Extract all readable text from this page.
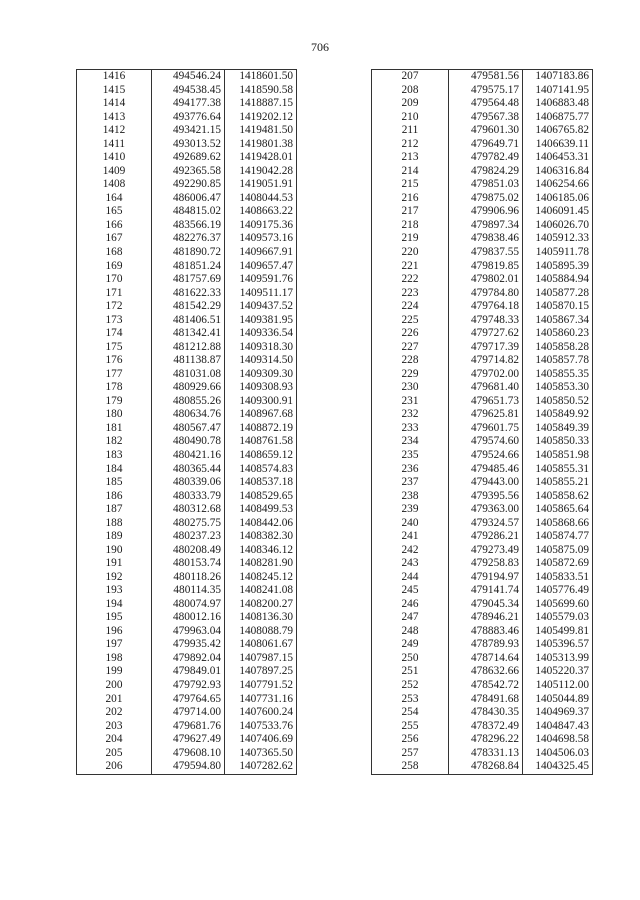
706
1416	494546.24	1418601.50
1415	494538.45	1418590.58
1414	494177.38	1418887.15
1413	493776.64	1419202.12
1412	493421.15	1419481.50
1411	493013.52	1419801.38
1410	492689.62	1419428.01
1409	492365.58	1419042.28
1408	492290.85	1419051.91
164	486006.47	1408044.53
165	484815.02	1408663.22
166	483566.19	1409175.36
167	482276.37	1409573.16
168	481890.72	1409667.91
169	481851.24	1409657.47
170	481757.69	1409591.76
171	481622.33	1409511.17
172	481542.29	1409437.52
173	481406.51	1409381.95
174	481342.41	1409336.54
175	481212.88	1409318.30
176	481138.87	1409314.50
177	481031.08	1409309.30
178	480929.66	1409308.93
179	480855.26	1409300.91
180	480634.76	1408967.68
181	480567.47	1408872.19
182	480490.78	1408761.58
183	480421.16	1408659.12
184	480365.44	1408574.83
185	480339.06	1408537.18
186	480333.79	1408529.65
187	480312.68	1408499.53
188	480275.75	1408442.06
189	480237.23	1408382.30
190	480208.49	1408346.12
191	480153.74	1408281.90
192	480118.26	1408245.12
193	480114.35	1408241.08
194	480074.97	1408200.27
195	480012.16	1408136.30
196	479963.04	1408088.79
197	479935.42	1408061.67
198	479892.04	1407987.15
199	479849.01	1407897.25
200	479792.93	1407791.52
201	479764.65	1407731.16
202	479714.00	1407600.24
203	479681.76	1407533.76
204	479627.49	1407406.69
205	479608.10	1407365.50
206	479594.80	1407282.62
207	479581.56	1407183.86
208	479575.17	1407141.95
209	479564.48	1406883.48
210	479567.38	1406875.77
211	479601.30	1406765.82
212	479649.71	1406639.11
213	479782.49	1406453.31
214	479824.29	1406316.84
215	479851.03	1406254.66
216	479875.02	1406185.06
217	479906.96	1406091.45
218	479897.34	1406026.70
219	479838.46	1405912.33
220	479837.55	1405911.78
221	479819.85	1405895.39
222	479802.01	1405884.94
223	479784.80	1405877.28
224	479764.18	1405870.15
225	479748.33	1405867.34
226	479727.62	1405860.23
227	479717.39	1405858.28
228	479714.82	1405857.78
229	479702.00	1405855.35
230	479681.40	1405853.30
231	479651.73	1405850.52
232	479625.81	1405849.92
233	479601.75	1405849.39
234	479574.60	1405850.33
235	479524.66	1405851.98
236	479485.46	1405855.31
237	479443.00	1405855.21
238	479395.56	1405858.62
239	479363.00	1405865.64
240	479324.57	1405868.66
241	479286.21	1405874.77
242	479273.49	1405875.09
243	479258.83	1405872.69
244	479194.97	1405833.51
245	479141.74	1405776.49
246	479045.34	1405699.60
247	478946.21	1405579.03
248	478883.46	1405499.81
249	478789.93	1405396.57
250	478714.64	1405313.99
251	478632.66	1405220.37
252	478542.72	1405112.00
253	478491.68	1405044.89
254	478430.35	1404969.37
255	478372.49	1404847.43
256	478296.22	1404698.58
257	478331.13	1404506.03
258	478268.84	1404325.45
